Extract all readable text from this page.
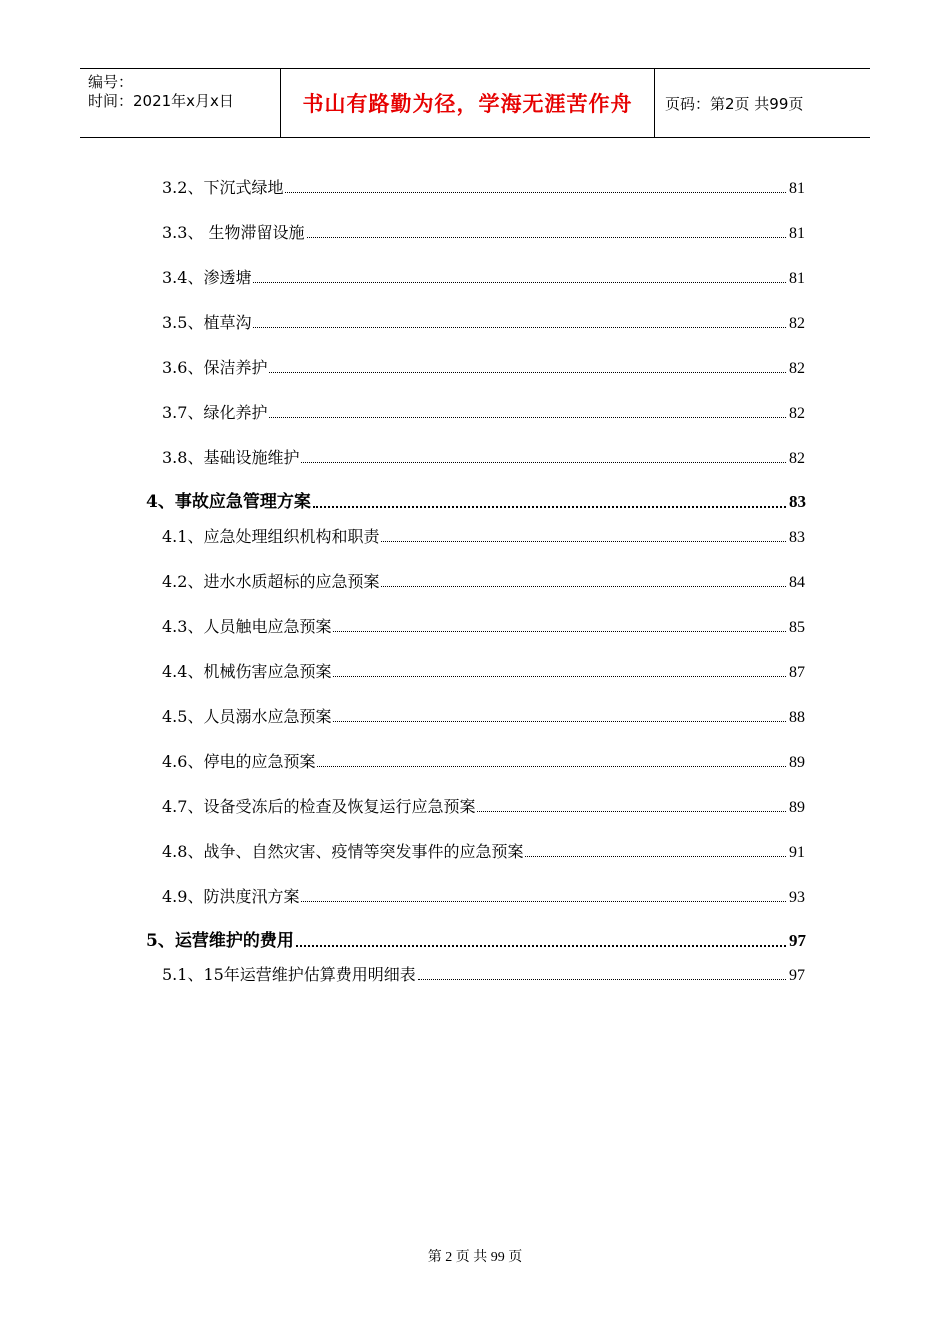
编号：
时间：2021年x月x日	书山有路勤为径，学海无涯苦作舟 页码：第2页 共99页
3.2、下沉式绿地	81
3.3、 生物滞留设施	81
3.4、渗透塘	81
3.5、植草沟	82
3.6、保洁养护	82
3.7、绿化养护	82
3.8、基础设施维护	82
4、事故应急管理方案	83
4.1、应急处理组织机构和职责	83
4.2、进水水质超标的应急预案	84
4.3、人员触电应急预案	85
4.4、机械伤害应急预案	87
4.5、人员溺水应急预案	88
4.6、停电的应急预案	89
4.7、设备受冻后的检查及恢复运行应急预案	89
4.8、战争、自然灾害、疫情等突发事件的应急预案	91
4.9、防洪度汛方案	93
5、运营维护的费用	97
5.1、15年运营维护估算费用明细表	97
第 2 页 共 99 页
